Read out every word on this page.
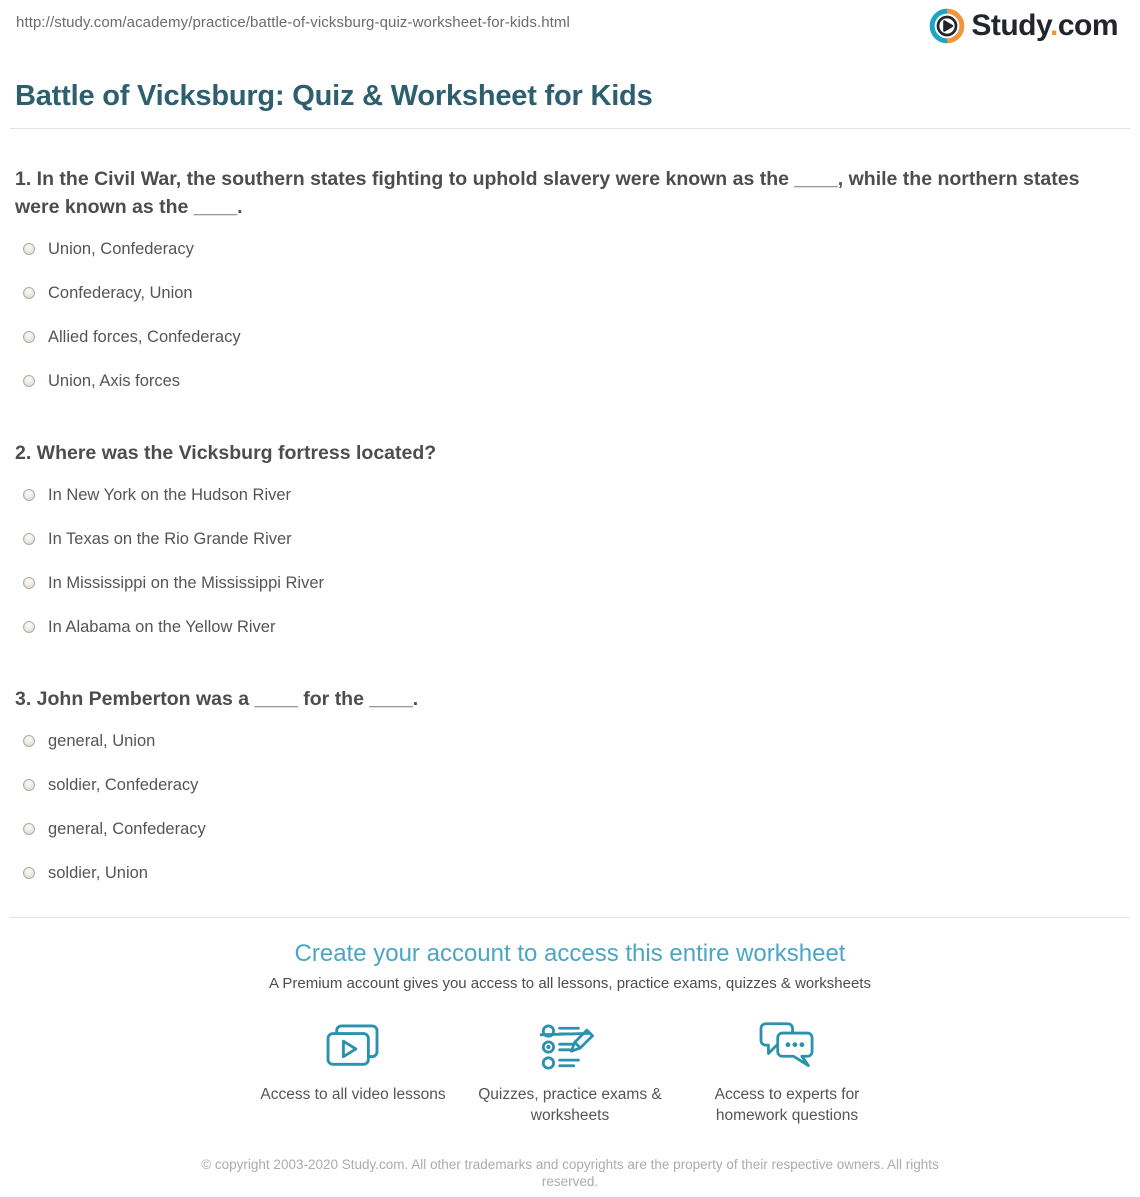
http://study.com/academy/practice/battle-of-vicksburg-quiz-worksheet-for-kids.html	Study.com
Battle of Vicksburg: Quiz & Worksheet for Kids
1. In the Civil War, the southern states fighting to uphold slavery were known as the ____, while the northern states were known as the ____.
Union, Confederacy
Confederacy, Union
Allied forces, Confederacy
Union, Axis forces
2. Where was the Vicksburg fortress located?
In New York on the Hudson River
In Texas on the Rio Grande River
In Mississippi on the Mississippi River
In Alabama on the Yellow River
3. John Pemberton was a ____ for the ____.
general, Union
soldier, Confederacy
general, Confederacy
soldier, Union
Create your account to access this entire worksheet
A Premium account gives you access to all lessons, practice exams, quizzes & worksheets
Access to all video lessons	Quizzes, practice exams & worksheets
Access to experts for homework questions
© copyright 2003-2020 Study.com. All other trademarks and copyrights are the property of their respective owners. All rights reserved.
